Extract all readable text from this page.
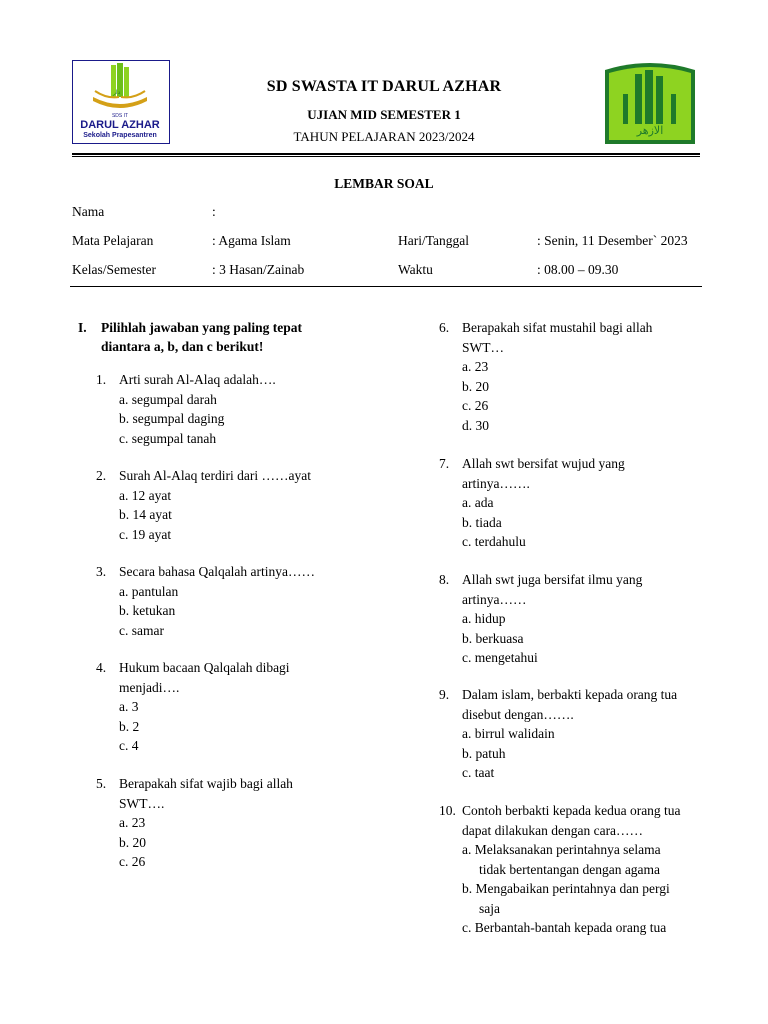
ﺩﺍﺭ
SDS IT
DARUL AZHAR
Sekolah Prapesantren	ﺍﻻﺯﻫﺮ
MODERN ISLAMIC EDUCATION COLLEGE
SD SWASTA IT DARUL AZHAR
UJIAN MID SEMESTER 1
TAHUN PELAJARAN 2023/2024
LEMBAR SOAL
Nama	:
Mata Pelajaran	: Agama Islam	Hari/Tanggal	: Senin, 11 Desember` 2023
Kelas/Semester	: 3 Hasan/Zainab	Waktu	: 08.00 – 09.30
I. Pilihlah jawaban yang paling tepat
diantara a, b, dan c berikut!
1. Arti surah Al-Alaq adalah….
a. segumpal darah
b. segumpal daging
c. segumpal tanah
2. Surah Al-Alaq terdiri dari ……ayat
a. 12 ayat
b. 14 ayat
c. 19 ayat
3. Secara bahasa Qalqalah artinya……
a. pantulan
b. ketukan
c. samar
4. Hukum bacaan Qalqalah dibagi
menjadi….
a. 3
b. 2
c. 4
5. Berapakah sifat wajib bagi allah
SWT….
a. 23
b. 20
c. 26
6. Berapakah sifat mustahil bagi allah
SWT…
a. 23
b. 20
c. 26
d. 30
7. Allah swt bersifat wujud yang
artinya…….
a. ada
b. tiada
c. terdahulu
8. Allah swt juga bersifat ilmu yang
artinya……
a. hidup
b. berkuasa
c. mengetahui
9. Dalam islam, berbakti kepada orang tua
disebut dengan…….
a. birrul walidain
b. patuh
c. taat
10. Contoh berbakti kepada kedua orang tua
dapat dilakukan dengan cara……
a. Melaksanakan perintahnya selama
tidak bertentangan dengan agama
b. Mengabaikan perintahnya dan pergi
saja
c. Berbantah-bantah kepada orang tua
